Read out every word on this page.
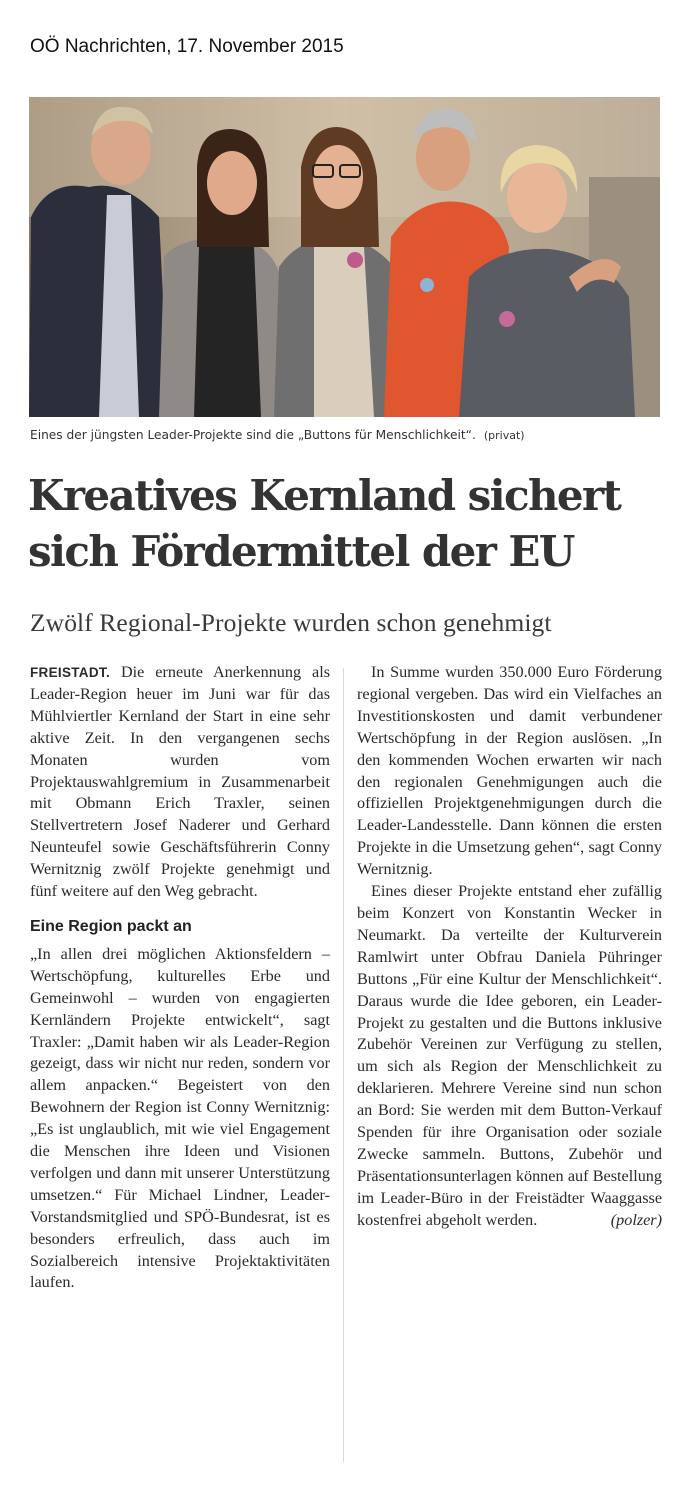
OÖ Nachrichten, 17. November 2015
Eines der jüngsten Leader-Projekte sind die „Buttons für Menschlichkeit“. (privat)
Kreatives Kernland sichert
sich Fördermittel der EU
Zwölf Regional-Projekte wurden schon genehmigt

FREISTADT. Die erneute Anerkennung als Leader-Region heuer im Juni war für das Mühlviertler Kernland der Start in eine sehr aktive Zeit. In den vergangenen sechs Monaten wurden vom Projektauswahlgremium in Zusammenarbeit mit Obmann Erich Traxler, seinen Stellvertretern Josef Naderer und Gerhard Neunteufel sowie Geschäftsführerin Conny Wernitznig zwölf Projekte genehmigt und fünf weitere auf den Weg gebracht.

Eine Region packt an

„In allen drei möglichen Aktionsfeldern – Wertschöpfung, kulturelles Erbe und Gemeinwohl – wurden von engagierten Kernländern Projekte entwickelt“, sagt Traxler: „Damit haben wir als Leader-Region gezeigt, dass wir nicht nur reden, sondern vor allem anpacken.“ Begeistert von den Bewohnern der Region ist Conny Wernitznig: „Es ist unglaublich, mit wie viel Engagement die Menschen ihre Ideen und Visionen verfolgen und dann mit unserer Unterstützung umsetzen.“ Für Michael Lindner, Leader-Vorstandsmitglied und SPÖ-Bundesrat, ist es besonders erfreulich, dass auch im Sozialbereich intensive Projektaktivitäten laufen.

In Summe wurden 350.000 Euro Förderung regional vergeben. Das wird ein Vielfaches an Investitionskosten und damit verbundener Wertschöpfung in der Region auslösen. „In den kommenden Wochen erwarten wir nach den regionalen Genehmigungen auch die offiziellen Projektgenehmigungen durch die Leader-Landesstelle. Dann können die ersten Projekte in die Umsetzung gehen“, sagt Conny Wernitznig.

Eines dieser Projekte entstand eher zufällig beim Konzert von Konstantin Wecker in Neumarkt. Da verteilte der Kulturverein Ramlwirt unter Obfrau Daniela Pühringer Buttons „Für eine Kultur der Menschlichkeit“. Daraus wurde die Idee geboren, ein Leader-Projekt zu gestalten und die Buttons inklusive Zubehör Vereinen zur Verfügung zu stellen, um sich als Region der Menschlichkeit zu deklarieren. Mehrere Vereine sind nun schon an Bord: Sie werden mit dem Button-Verkauf Spenden für ihre Organisation oder soziale Zwecke sammeln. Buttons, Zubehör und Präsentationsunterlagen können auf Bestellung im Leader-Büro in der Freistädter Waaggasse kostenfrei abgeholt werden.	(polzer)
